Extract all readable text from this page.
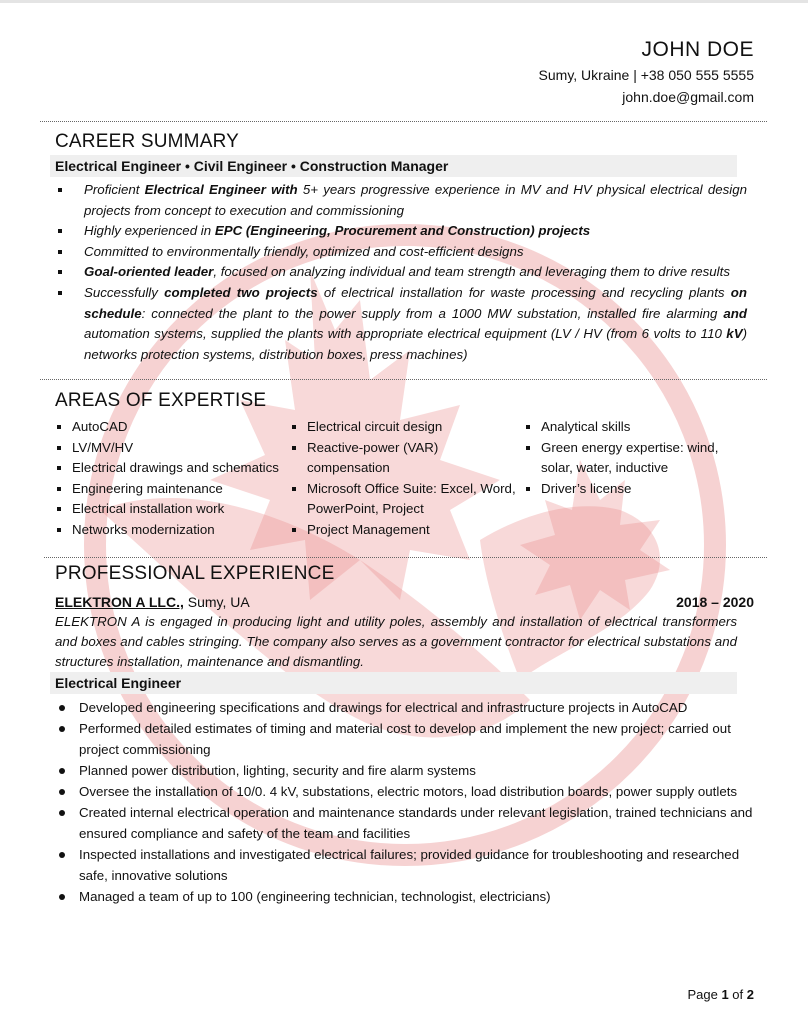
JOHN DOE
Sumy, Ukraine | +38 050 555 5555
john.doe@gmail.com
CAREER SUMMARY
Electrical Engineer • Civil Engineer • Construction Manager
Proficient Electrical Engineer with 5+ years progressive experience in MV and HV physical electrical design projects from concept to execution and commissioning
Highly experienced in EPC (Engineering, Procurement and Construction) projects
Committed to environmentally friendly, optimized and cost-efficient designs
Goal-oriented leader, focused on analyzing individual and team strength and leveraging them to drive results
Successfully completed two projects of electrical installation for waste processing and recycling plants on schedule: connected the plant to the power supply from a 1000 MW substation, installed fire alarming and automation systems, supplied the plants with appropriate electrical equipment (LV / HV (from 6 volts to 110 kV) networks protection systems, distribution boxes, press machines)
AREAS OF EXPERTISE
AutoCAD
LV/MV/HV
Electrical drawings and schematics
Engineering maintenance
Electrical installation work
Networks modernization
Electrical circuit design
Reactive-power (VAR) compensation
Microsoft Office Suite: Excel, Word, PowerPoint, Project
Project Management
Analytical skills
Green energy expertise: wind, solar, water, inductive
Driver’s license
PROFESSIONAL EXPERIENCE
ELEKTRON A LLC., Sumy, UA	2018 – 2020
ELEKTRON A is engaged in producing light and utility poles, assembly and installation of electrical transformers and boxes and cables stringing. The company also serves as a government contractor for electrical substations and structures installation, maintenance and dismantling.
Electrical Engineer
Developed engineering specifications and drawings for electrical and infrastructure projects in AutoCAD
Performed detailed estimates of timing and material cost to develop and implement the new project; carried out project commissioning
Planned power distribution, lighting, security and fire alarm systems
Oversee the installation of 10/0. 4 kV, substations, electric motors, load distribution boards, power supply outlets
Created internal electrical operation and maintenance standards under relevant legislation, trained technicians and ensured compliance and safety of the team and facilities
Inspected installations and investigated electrical failures; provided guidance for troubleshooting and researched safe, innovative solutions
Managed a team of up to 100 (engineering technician, technologist, electricians)
Page 1 of 2
